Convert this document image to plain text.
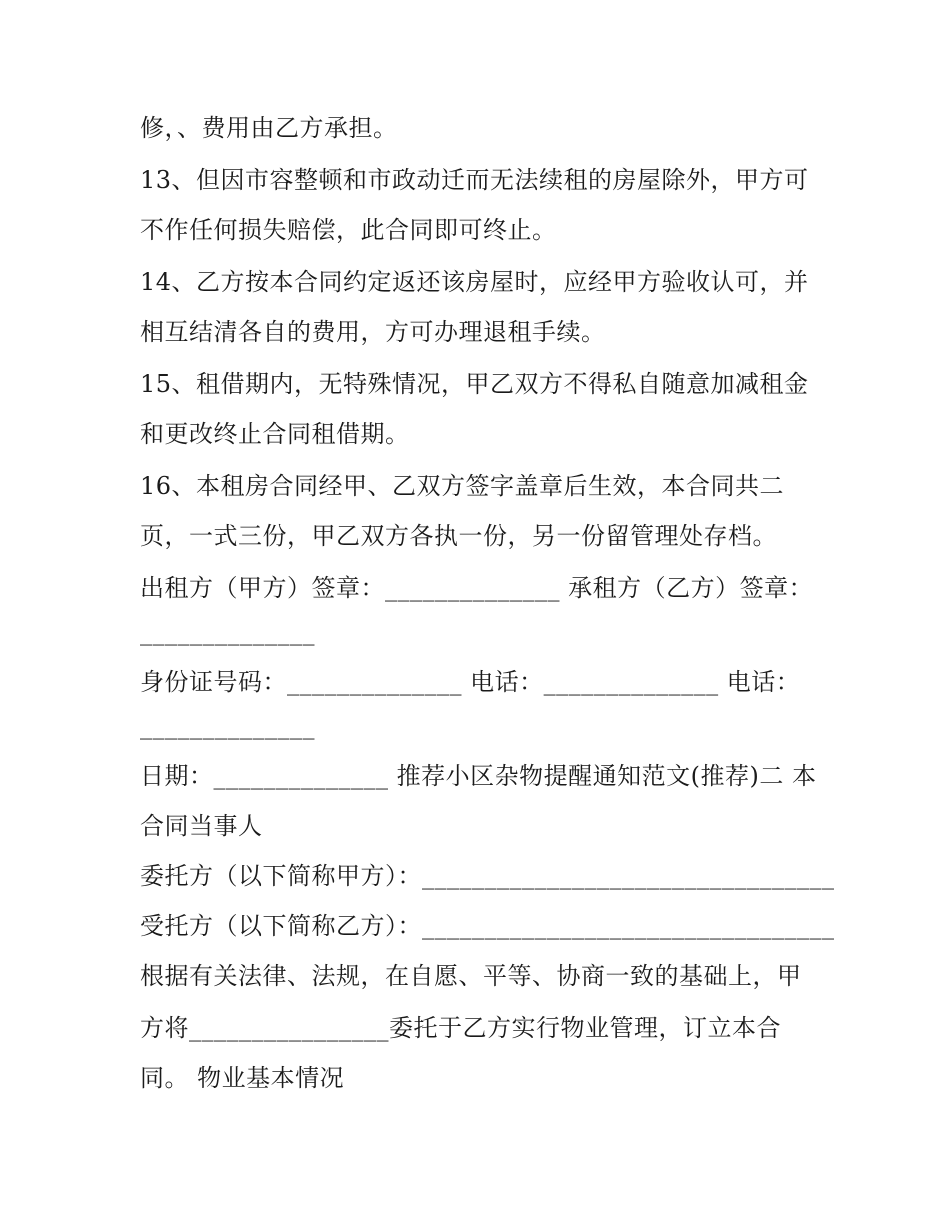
修，、费用由乙方承担。
13、但因市容整顿和市政动迁而无法续租的房屋除外，甲方可
不作任何损失赔偿，此合同即可终止。
14、乙方按本合同约定返还该房屋时，应经甲方验收认可，并
相互结清各自的费用，方可办理退租手续。
15、租借期内，无特殊情况，甲乙双方不得私自随意加减租金
和更改终止合同租借期。
16、本租房合同经甲、乙双方签字盖章后生效，本合同共二
页，一式三份，甲乙双方各执一份，另一份留管理处存档。
出租方（甲方）签章：______________ 承租方（乙方）签章：
______________
身份证号码：______________ 电话：______________ 电话：
______________
日期：______________ 推荐小区杂物提醒通知范文(推荐)二 本
合同当事人
委托方（以下简称甲方）：_________________________________
受托方（以下简称乙方）：_________________________________
根据有关法律、法规，在自愿、平等、协商一致的基础上，甲
方将________________委托于乙方实行物业管理，订立本合
同。 物业基本情况
